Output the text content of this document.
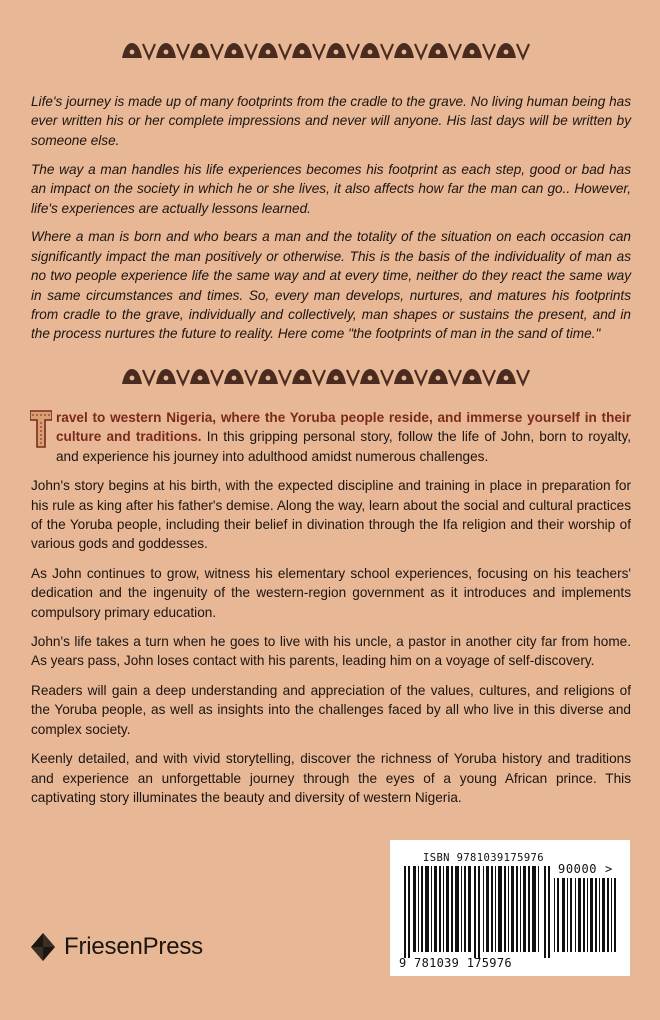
Life's journey is made up of many footprints from the cradle to the grave. No living human being has ever written his or her complete impressions and never will anyone. His last days will be written by someone else.

The way a man handles his life experiences becomes his footprint as each step, good or bad has an impact on the society in which he or she lives, it also affects how far the man can go.. However, life's experiences are actually lessons learned.

Where a man is born and who bears a man and the totality of the situation on each occasion can significantly impact the man positively or otherwise. This is the basis of the individuality of man as no two people experience life the same way and at every time, neither do they react the same way in same circumstances and times. So, every man develops, nurtures, and matures his footprints from cradle to the grave, individually and collectively, man shapes or sustains the present, and in the process nurtures the future to reality. Here come "the footprints of man in the sand of time."

ravel to western Nigeria, where the Yoruba people reside, and immerse yourself in their culture and traditions. In this gripping personal story, follow the life of John, born to royalty, and experience his journey into adulthood amidst numerous challenges.

John's story begins at his birth, with the expected discipline and training in place in preparation for his rule as king after his father's demise. Along the way, learn about the social and cultural practices of the Yoruba people, including their belief in divination through the Ifa religion and their worship of various gods and goddesses.

As John continues to grow, witness his elementary school experiences, focusing on his teachers' dedication and the ingenuity of the western-region government as it introduces and implements compulsory primary education.

John's life takes a turn when he goes to live with his uncle, a pastor in another city far from home. As years pass, John loses contact with his parents, leading him on a voyage of self-discovery.

Readers will gain a deep understanding and appreciation of the values, cultures, and religions of the Yoruba people, as well as insights into the challenges faced by all who live in this diverse and complex society.

Keenly detailed, and with vivid storytelling, discover the richness of Yoruba history and traditions and experience an unforgettable journey through the eyes of a young African prince. This captivating story illuminates the beauty and diversity of western Nigeria.

FriesenPress
ISBN 9781039175976
90000 >
9 781039 175976
